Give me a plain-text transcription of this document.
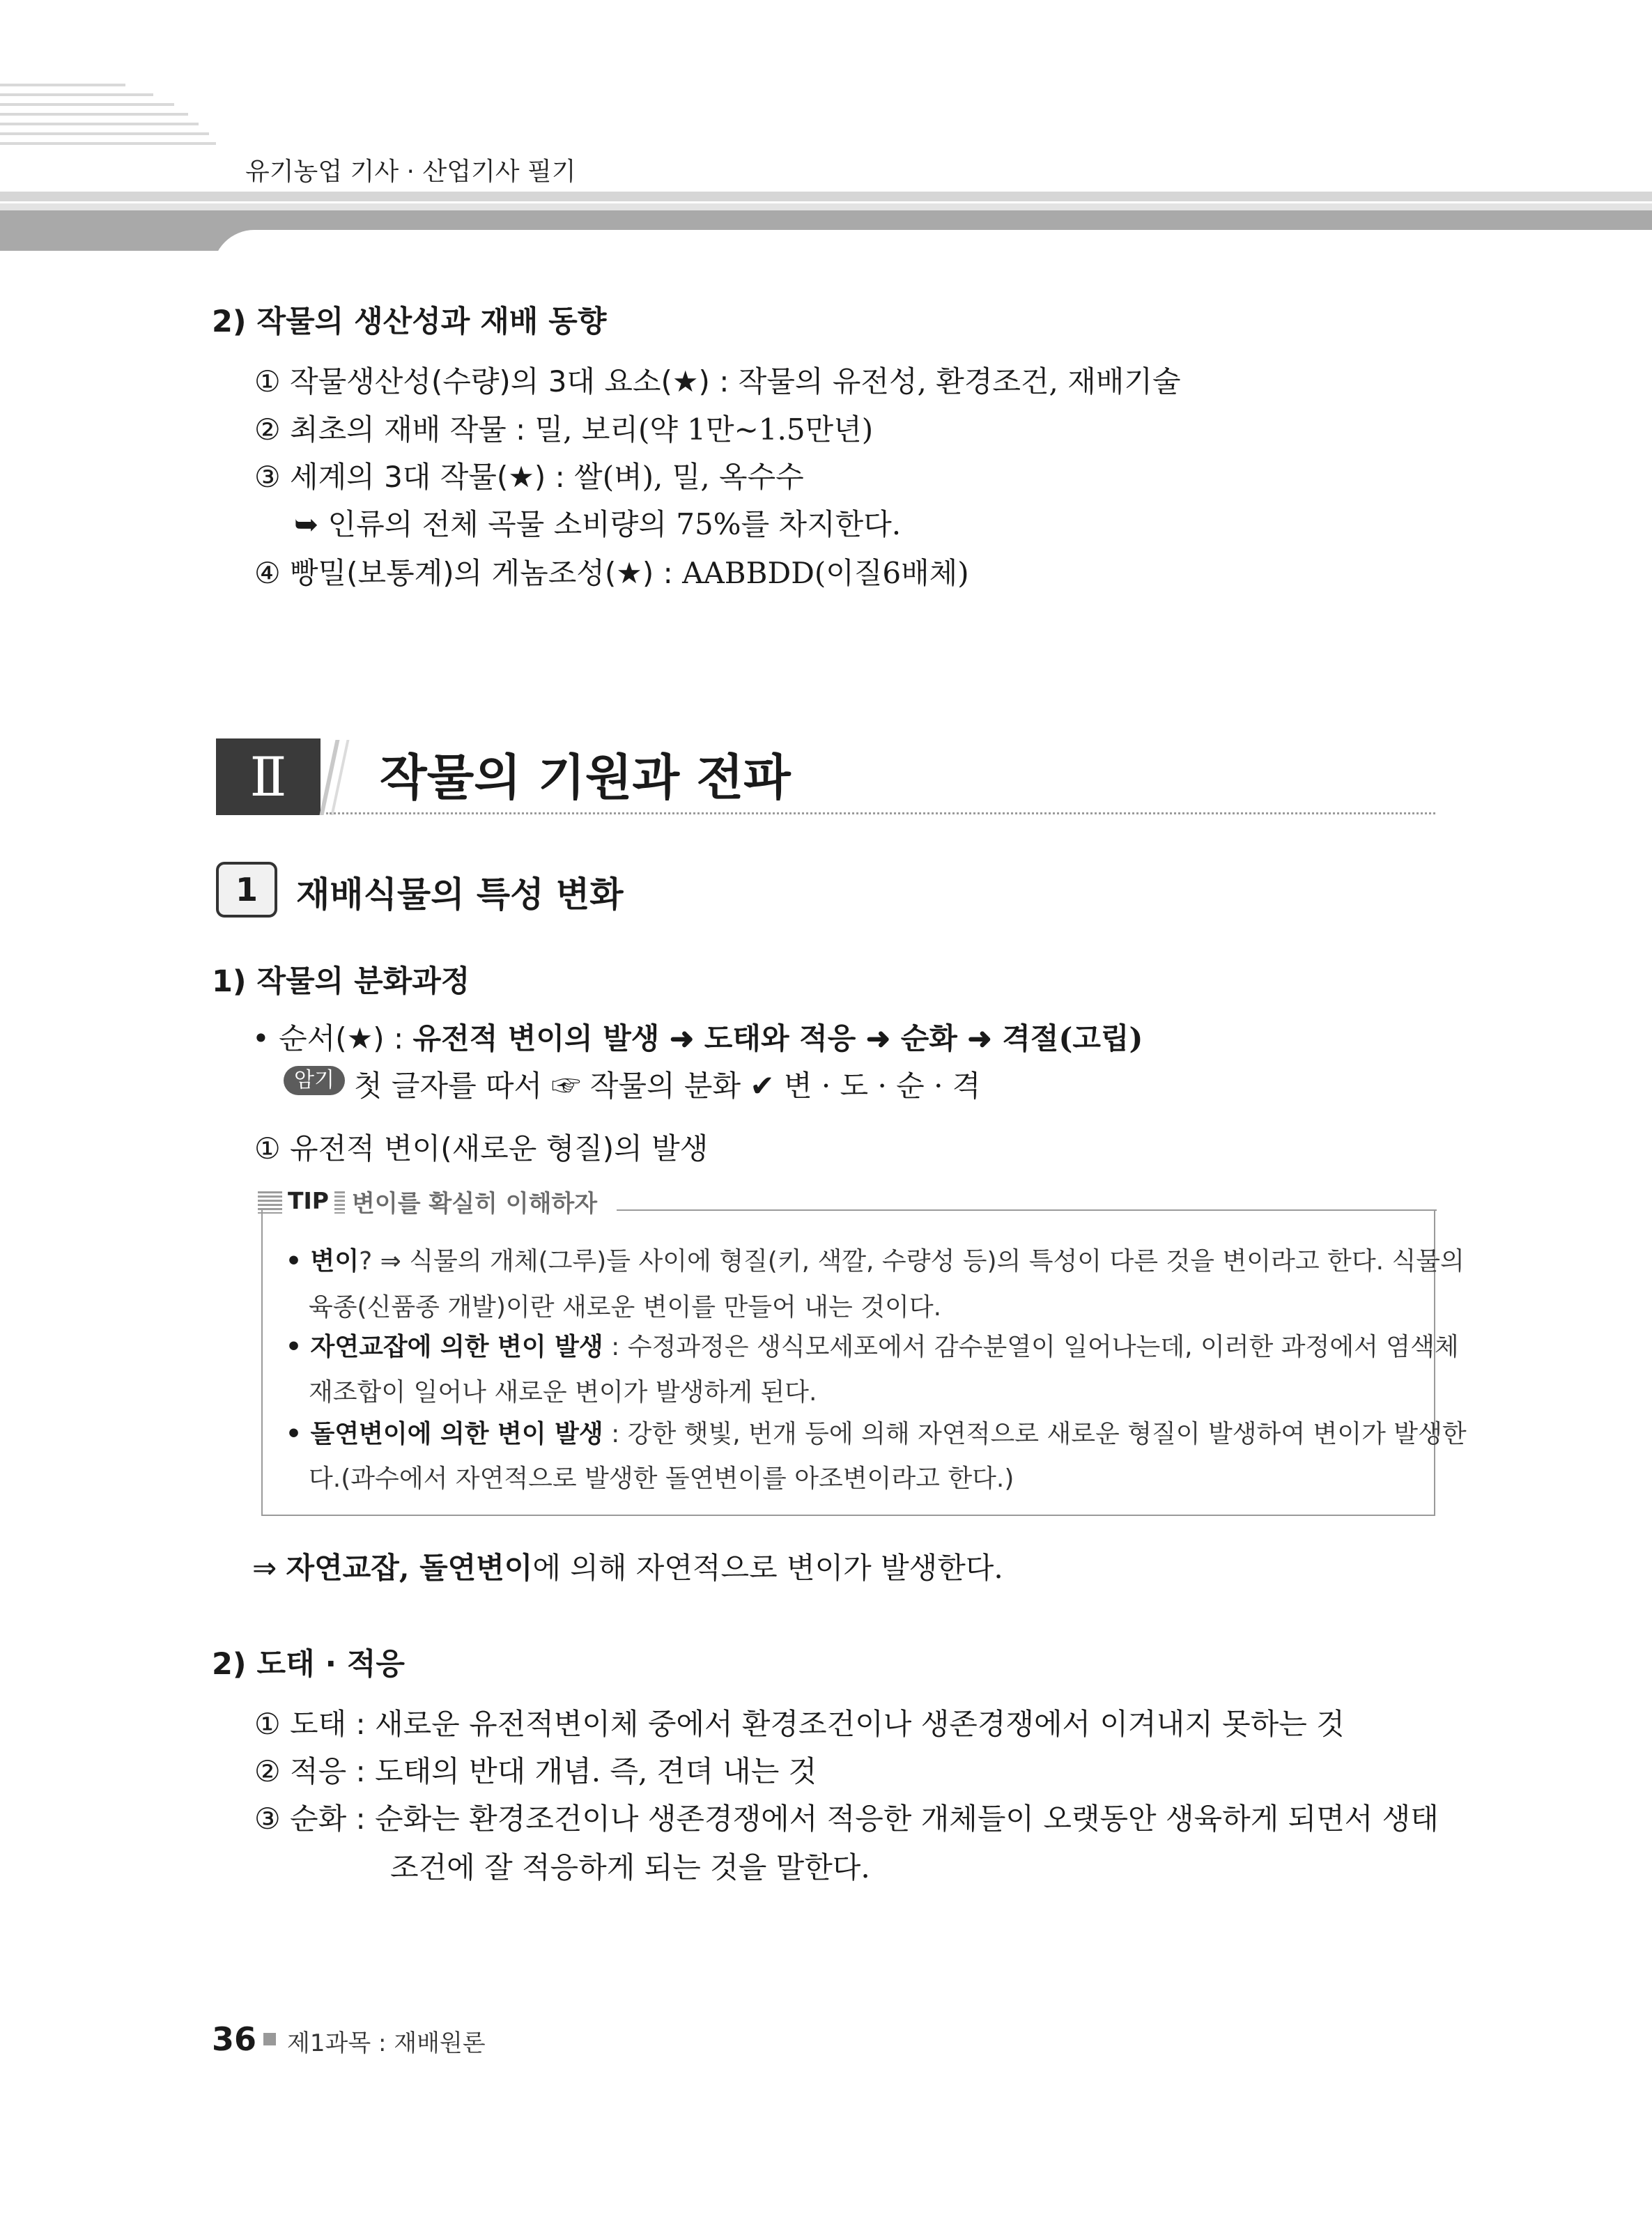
유기농업 기사 · 산업기사 필기
2) 작물의 생산성과 재배 동향
① 작물생산성(수량)의 3대 요소(★) : 작물의 유전성, 환경조건, 재배기술
② 최초의 재배 작물 : 밀, 보리(약 1만~1.5만년)
③ 세계의 3대 작물(★) : 쌀(벼), 밀, 옥수수
➥ 인류의 전체 곡물 소비량의 75%를 차지한다.
④ 빵밀(보통계)의 게놈조성(★) : AABBDD(이질6배체)
Ⅱ	작물의 기원과 전파
1	재배식물의 특성 변화
1) 작물의 분화과정
• 순서(★) : 유전적 변이의 발생 ➜ 도태와 적응 ➜ 순화 ➜ 격절(고립)
암기 첫 글자를 따서 ☞ 작물의 분화 ✔ 변 · 도 · 순 · 격
① 유전적 변이(새로운 형질)의 발생
TIP 변이를 확실히 이해하자
• 변이? ⇒ 식물의 개체(그루)들 사이에 형질(키, 색깔, 수량성 등)의 특성이 다른 것을 변이라고 한다. 식물의
육종(신품종 개발)이란 새로운 변이를 만들어 내는 것이다.
• 자연교잡에 의한 변이 발생 : 수정과정은 생식모세포에서 감수분열이 일어나는데, 이러한 과정에서 염색체
재조합이 일어나 새로운 변이가 발생하게 된다.
• 돌연변이에 의한 변이 발생 : 강한 햇빛, 번개 등에 의해 자연적으로 새로운 형질이 발생하여 변이가 발생한
다.(과수에서 자연적으로 발생한 돌연변이를 아조변이라고 한다.)
⇒ 자연교잡, 돌연변이에 의해 자연적으로 변이가 발생한다.
2) 도태 · 적응
① 도태 : 새로운 유전적변이체 중에서 환경조건이나 생존경쟁에서 이겨내지 못하는 것
② 적응 : 도태의 반대 개념. 즉, 견뎌 내는 것
③ 순화 : 순화는 환경조건이나 생존경쟁에서 적응한 개체들이 오랫동안 생육하게 되면서 생태
조건에 잘 적응하게 되는 것을 말한다.
36 제1과목 : 재배원론
